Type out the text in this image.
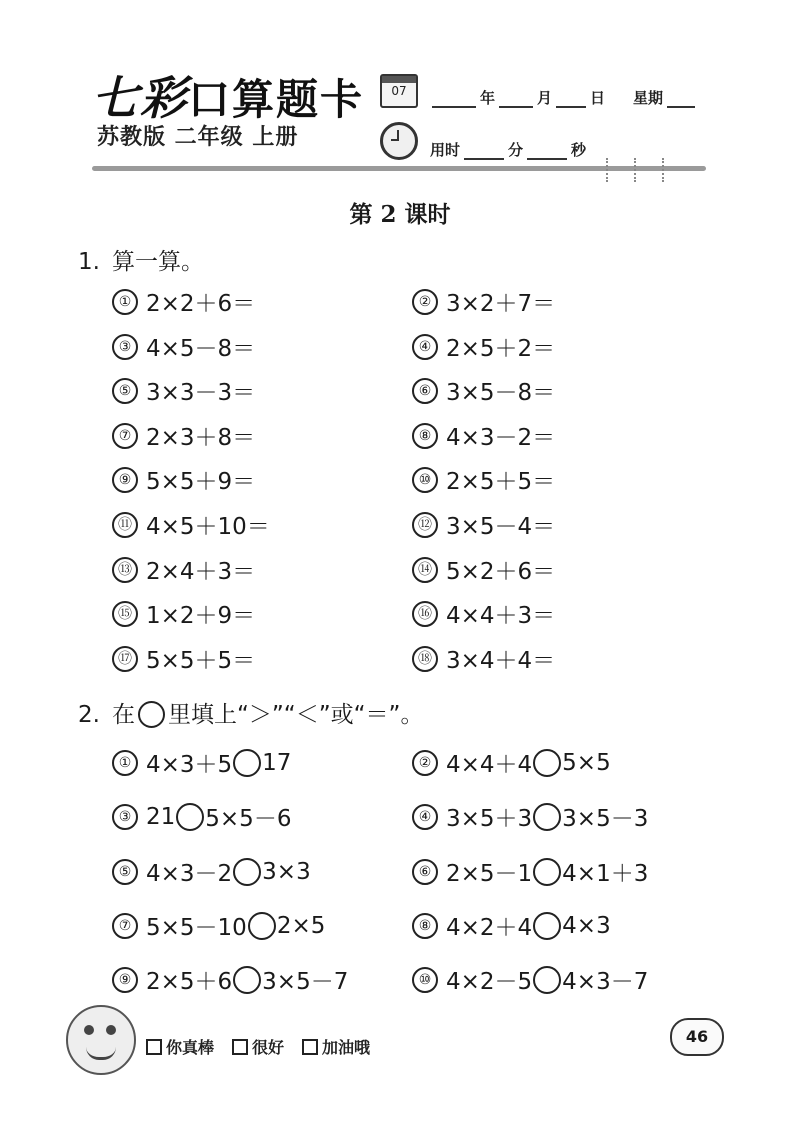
七彩口算题卡
苏教版 二年级 上册
07	年	月	日 星期
用时	分	秒
第 2 课时
1. 算一算。
① 2×2＋6＝	② 3×2＋7＝
③ 4×5－8＝	④ 2×5＋2＝
⑤ 3×3－3＝	⑥ 3×5－8＝
⑦ 2×3＋8＝	⑧ 4×3－2＝
⑨ 5×5＋9＝	⑩ 2×5＋5＝
⑪ 4×5＋10＝	⑫ 3×5－4＝
⑬ 2×4＋3＝	⑭ 5×2＋6＝
⑮ 1×2＋9＝	⑯ 4×4＋3＝
⑰ 5×5＋5＝	⑱ 3×4＋4＝
2. 在 里填上“＞”“＜”或“＝”。
① 4×3＋5 17	② 4×4＋4 5×5
③ 21 5×5－6	④ 3×5＋3 3×5－3
⑤ 4×3－2 3×3	⑥ 2×5－1 4×1＋3
⑦ 5×5－10 2×5	⑧ 4×2＋4 4×3
⑨ 2×5＋6 3×5－7	⑩ 4×2－5 4×3－7
你真棒 很好 加油哦
46
